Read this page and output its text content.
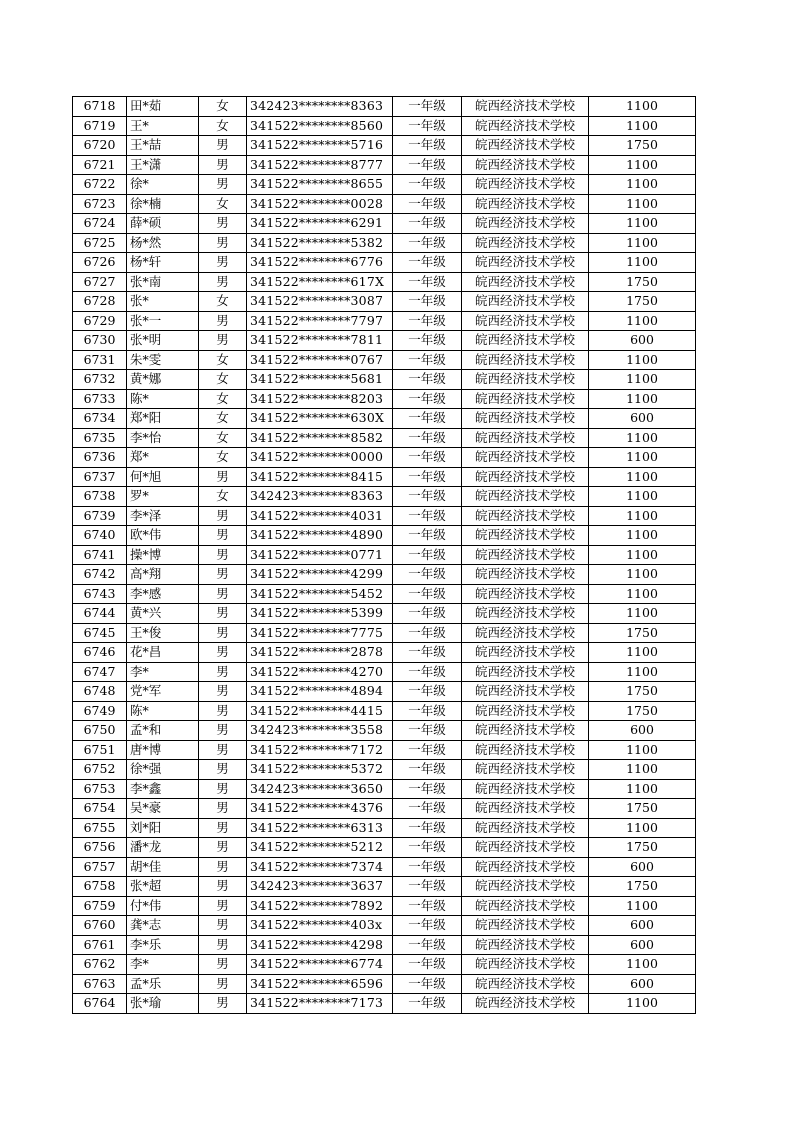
6718	田*茹	女	342423********8363	一年级	皖西经济技术学校	1100
6719	王*	女	341522********8560	一年级	皖西经济技术学校	1100
6720	王*喆	男	341522********5716	一年级	皖西经济技术学校	1750
6721	王*潇	男	341522********8777	一年级	皖西经济技术学校	1100
6722	徐*	男	341522********8655	一年级	皖西经济技术学校	1100
6723	徐*楠	女	341522********0028	一年级	皖西经济技术学校	1100
6724	薛*硕	男	341522********6291	一年级	皖西经济技术学校	1100
6725	杨*然	男	341522********5382	一年级	皖西经济技术学校	1100
6726	杨*轩	男	341522********6776	一年级	皖西经济技术学校	1100
6727	张*南	男	341522********617X	一年级	皖西经济技术学校	1750
6728	张*	女	341522********3087	一年级	皖西经济技术学校	1750
6729	张*一	男	341522********7797	一年级	皖西经济技术学校	1100
6730	张*明	男	341522********7811	一年级	皖西经济技术学校	600
6731	朱*雯	女	341522********0767	一年级	皖西经济技术学校	1100
6732	黄*娜	女	341522********5681	一年级	皖西经济技术学校	1100
6733	陈*	女	341522********8203	一年级	皖西经济技术学校	1100
6734	郑*阳	女	341522********630X	一年级	皖西经济技术学校	600
6735	李*怡	女	341522********8582	一年级	皖西经济技术学校	1100
6736	郑*	女	341522********0000	一年级	皖西经济技术学校	1100
6737	何*旭	男	341522********8415	一年级	皖西经济技术学校	1100
6738	罗*	女	342423********8363	一年级	皖西经济技术学校	1100
6739	李*泽	男	341522********4031	一年级	皖西经济技术学校	1100
6740	欧*伟	男	341522********4890	一年级	皖西经济技术学校	1100
6741	操*博	男	341522********0771	一年级	皖西经济技术学校	1100
6742	高*翔	男	341522********4299	一年级	皖西经济技术学校	1100
6743	李*感	男	341522********5452	一年级	皖西经济技术学校	1100
6744	黄*兴	男	341522********5399	一年级	皖西经济技术学校	1100
6745	王*俊	男	341522********7775	一年级	皖西经济技术学校	1750
6746	花*昌	男	341522********2878	一年级	皖西经济技术学校	1100
6747	李*	男	341522********4270	一年级	皖西经济技术学校	1100
6748	党*军	男	341522********4894	一年级	皖西经济技术学校	1750
6749	陈*	男	341522********4415	一年级	皖西经济技术学校	1750
6750	孟*和	男	342423********3558	一年级	皖西经济技术学校	600
6751	唐*博	男	341522********7172	一年级	皖西经济技术学校	1100
6752	徐*强	男	341522********5372	一年级	皖西经济技术学校	1100
6753	李*鑫	男	342423********3650	一年级	皖西经济技术学校	1100
6754	吴*豪	男	341522********4376	一年级	皖西经济技术学校	1750
6755	刘*阳	男	341522********6313	一年级	皖西经济技术学校	1100
6756	潘*龙	男	341522********5212	一年级	皖西经济技术学校	1750
6757	胡*佳	男	341522********7374	一年级	皖西经济技术学校	600
6758	张*超	男	342423********3637	一年级	皖西经济技术学校	1750
6759	付*伟	男	341522********7892	一年级	皖西经济技术学校	1100
6760	龚*志	男	341522********403x	一年级	皖西经济技术学校	600
6761	李*乐	男	341522********4298	一年级	皖西经济技术学校	600
6762	李*	男	341522********6774	一年级	皖西经济技术学校	1100
6763	孟*乐	男	341522********6596	一年级	皖西经济技术学校	600
6764	张*瑜	男	341522********7173	一年级	皖西经济技术学校	1100
